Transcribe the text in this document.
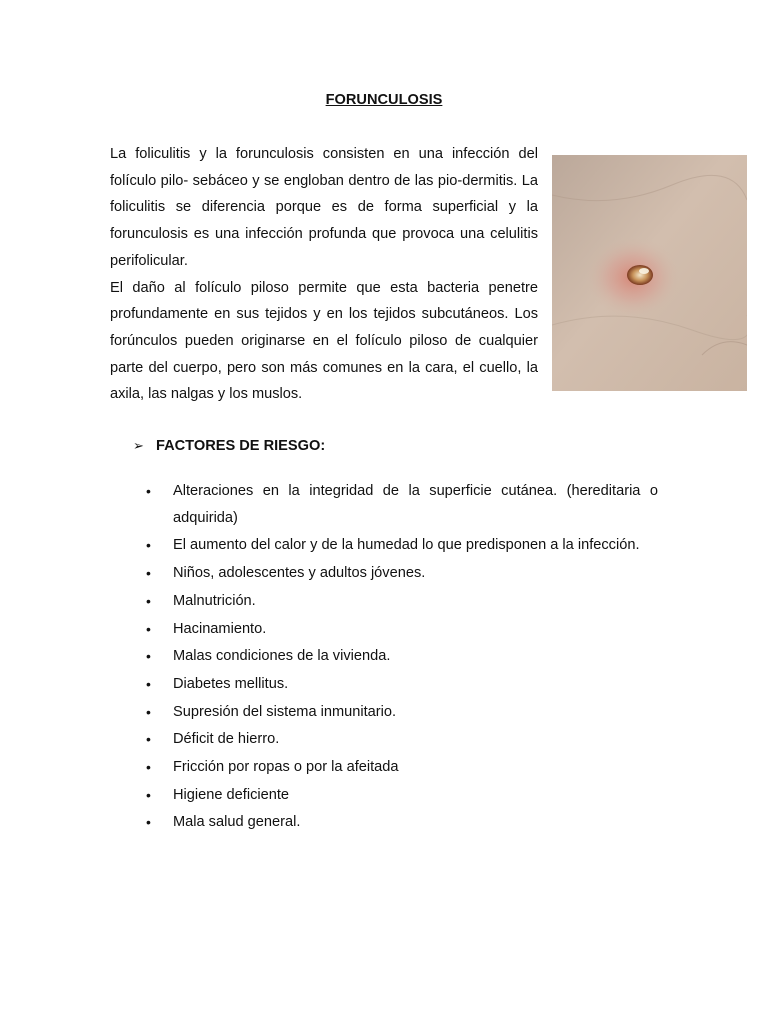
FORUNCULOSIS

La foliculitis y la forunculosis consisten en una infección del folículo pilo- sebáceo y se engloban dentro de las pio-dermitis. La foliculitis se diferencia porque es de forma superficial y la forunculosis es una infección profunda que provoca una celulitis perifolicular.

El daño al folículo piloso permite que esta bacteria penetre profundamente en sus tejidos y en los tejidos subcutáneos. Los forúnculos pueden originarse en el folículo piloso de cualquier parte del cuerpo, pero son más comunes en la cara, el cuello, la axila, las nalgas y los muslos.

➢ FACTORES DE RIESGO:
• Alteraciones en la integridad de la superficie cutánea. (hereditaria o adquirida)
• El aumento del calor y de la humedad lo que predisponen a la infección.
• Niños, adolescentes y adultos jóvenes.
• Malnutrición.
• Hacinamiento.
• Malas condiciones de la vivienda.
• Diabetes mellitus.
• Supresión del sistema inmunitario.
• Déficit de hierro.
• Fricción por ropas o por la afeitada
• Higiene deficiente
• Mala salud general.
